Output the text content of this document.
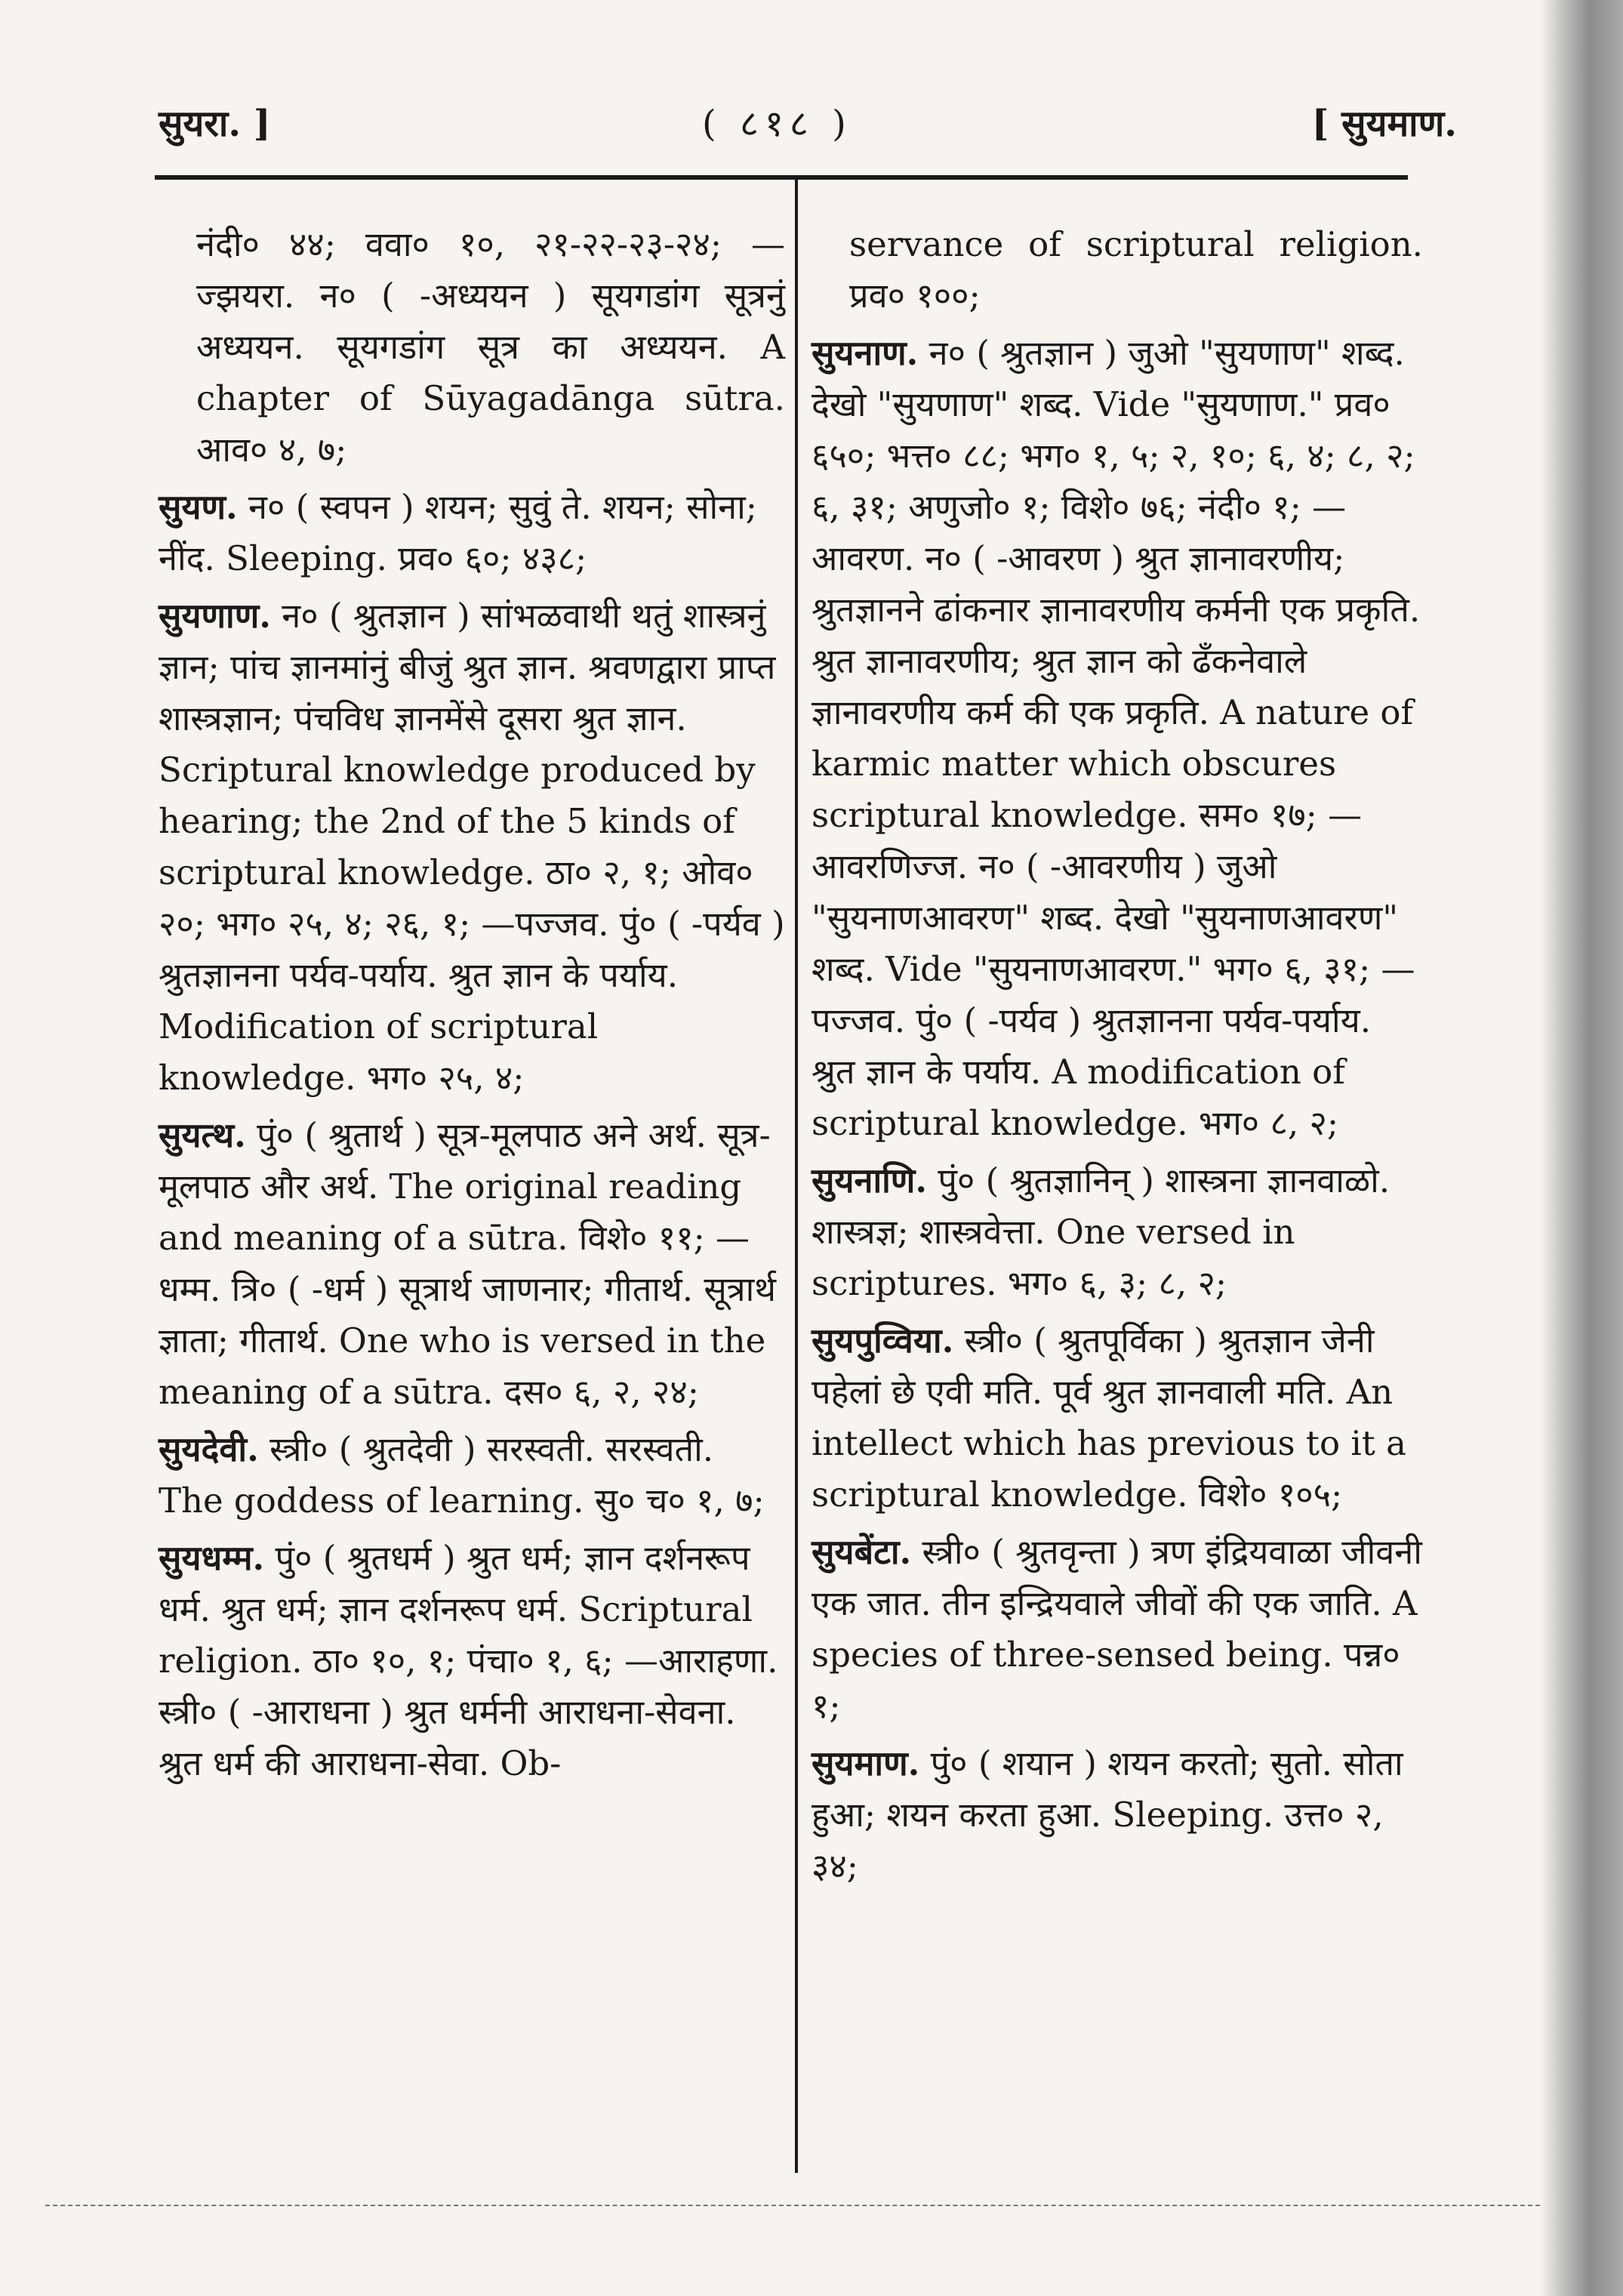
सुयरा. ]	( ८१८ )	[ सुयमाण.

नंदी० ४४; ववा० १०, २१-२२-२३-२४; —ज्झयरा. न० ( -अध्ययन ) सूयगडांग सूत्रनुं अध्ययन. सूयगडांग सूत्र का अध्ययन. A chapter of Sūyagadānga sūtra. आव० ४, ७;

सुयण. न० ( स्वपन ) शयन; सुवुं ते. शयन; सोना; नींद. Sleeping. प्रव० ६०; ४३८;

सुयणाण. न० ( श्रुतज्ञान ) सांभळवाथी थतुं शास्त्रनुं ज्ञान; पांच ज्ञानमांनुं बीजुं श्रुत ज्ञान. श्रवणद्वारा प्राप्त शास्त्रज्ञान; पंचविध ज्ञानमेंसे दूसरा श्रुत ज्ञान. Scriptural knowledge produced by hearing; the 2nd of the 5 kinds of scriptural knowledge. ठा० २, १; ओव० २०; भग० २५, ४; २६, १; —पज्जव. पुं० ( -पर्यव ) श्रुतज्ञानना पर्यव-पर्याय. श्रुत ज्ञान के पर्याय. Modification of scriptural knowledge. भग० २५, ४;

सुयत्थ. पुं० ( श्रुतार्थ ) सूत्र-मूलपाठ अने अर्थ. सूत्र-मूलपाठ और अर्थ. The original reading and meaning of a sūtra. विशे० ११; —धम्म. त्रि० ( -धर्म ) सूत्रार्थ जाणनार; गीतार्थ. सूत्रार्थ ज्ञाता; गीतार्थ. One who is versed in the meaning of a sūtra. दस० ६, २, २४;

सुयदेवी. स्त्री० ( श्रुतदेवी ) सरस्वती. सरस्वती. The goddess of learning. सु० च० १, ७;

सुयधम्म. पुं० ( श्रुतधर्म ) श्रुत धर्म; ज्ञान दर्शनरूप धर्म. श्रुत धर्म; ज्ञान दर्शनरूप धर्म. Scriptural religion. ठा० १०, १; पंचा० १, ६; —आराहणा. स्त्री० ( -आराधना ) श्रुत धर्मनी आराधना-सेवना. श्रुत धर्म की आराधना-सेवा. Ob-

servance of scriptural religion. प्रव० १००;

सुयनाण. न० ( श्रुतज्ञान ) जुओ "सुयणाण" शब्द. देखो "सुयणाण" शब्द. Vide "सुयणाण." प्रव० ६५०; भत्त० ८८; भग० १, ५; २, १०; ६, ४; ८, २; ६, ३१; अणुजो० १; विशे० ७६; नंदी० १; —आवरण. न० ( -आवरण ) श्रुत ज्ञानावरणीय; श्रुतज्ञानने ढांकनार ज्ञानावरणीय कर्मनी एक प्रकृति. श्रुत ज्ञानावरणीय; श्रुत ज्ञान को ढँकनेवाले ज्ञानावरणीय कर्म की एक प्रकृति. A nature of karmic matter which obscures scriptural knowledge. सम० १७; —आवरणिज्ज. न० ( -आवरणीय ) जुओ "सुयनाणआवरण" शब्द. देखो "सुयनाणआवरण" शब्द. Vide "सुयनाणआवरण." भग० ६, ३१; —पज्जव. पुं० ( -पर्यव ) श्रुतज्ञानना पर्यव-पर्याय. श्रुत ज्ञान के पर्याय. A modification of scriptural knowledge. भग० ८, २;

सुयनाणि. पुं० ( श्रुतज्ञानिन् ) शास्त्रना ज्ञानवाळो. शास्त्रज्ञ; शास्त्रवेत्ता. One versed in scriptures. भग० ६, ३; ८, २;

सुयपुव्विया. स्त्री० ( श्रुतपूर्विका ) श्रुतज्ञान जेनी पहेलां छे एवी मति. पूर्व श्रुत ज्ञानवाली मति. An intellect which has previous to it a scriptural knowledge. विशे० १०५;

सुयबेंटा. स्त्री० ( श्रुतवृन्ता ) त्रण इंद्रियवाळा जीवनी एक जात. तीन इन्द्रियवाले जीवों की एक जाति. A species of three-sensed being. पन्न० १;

सुयमाण. पुं० ( शयान ) शयन करतो; सुतो. सोता हुआ; शयन करता हुआ. Sleeping. उत्त० २, ३४;
